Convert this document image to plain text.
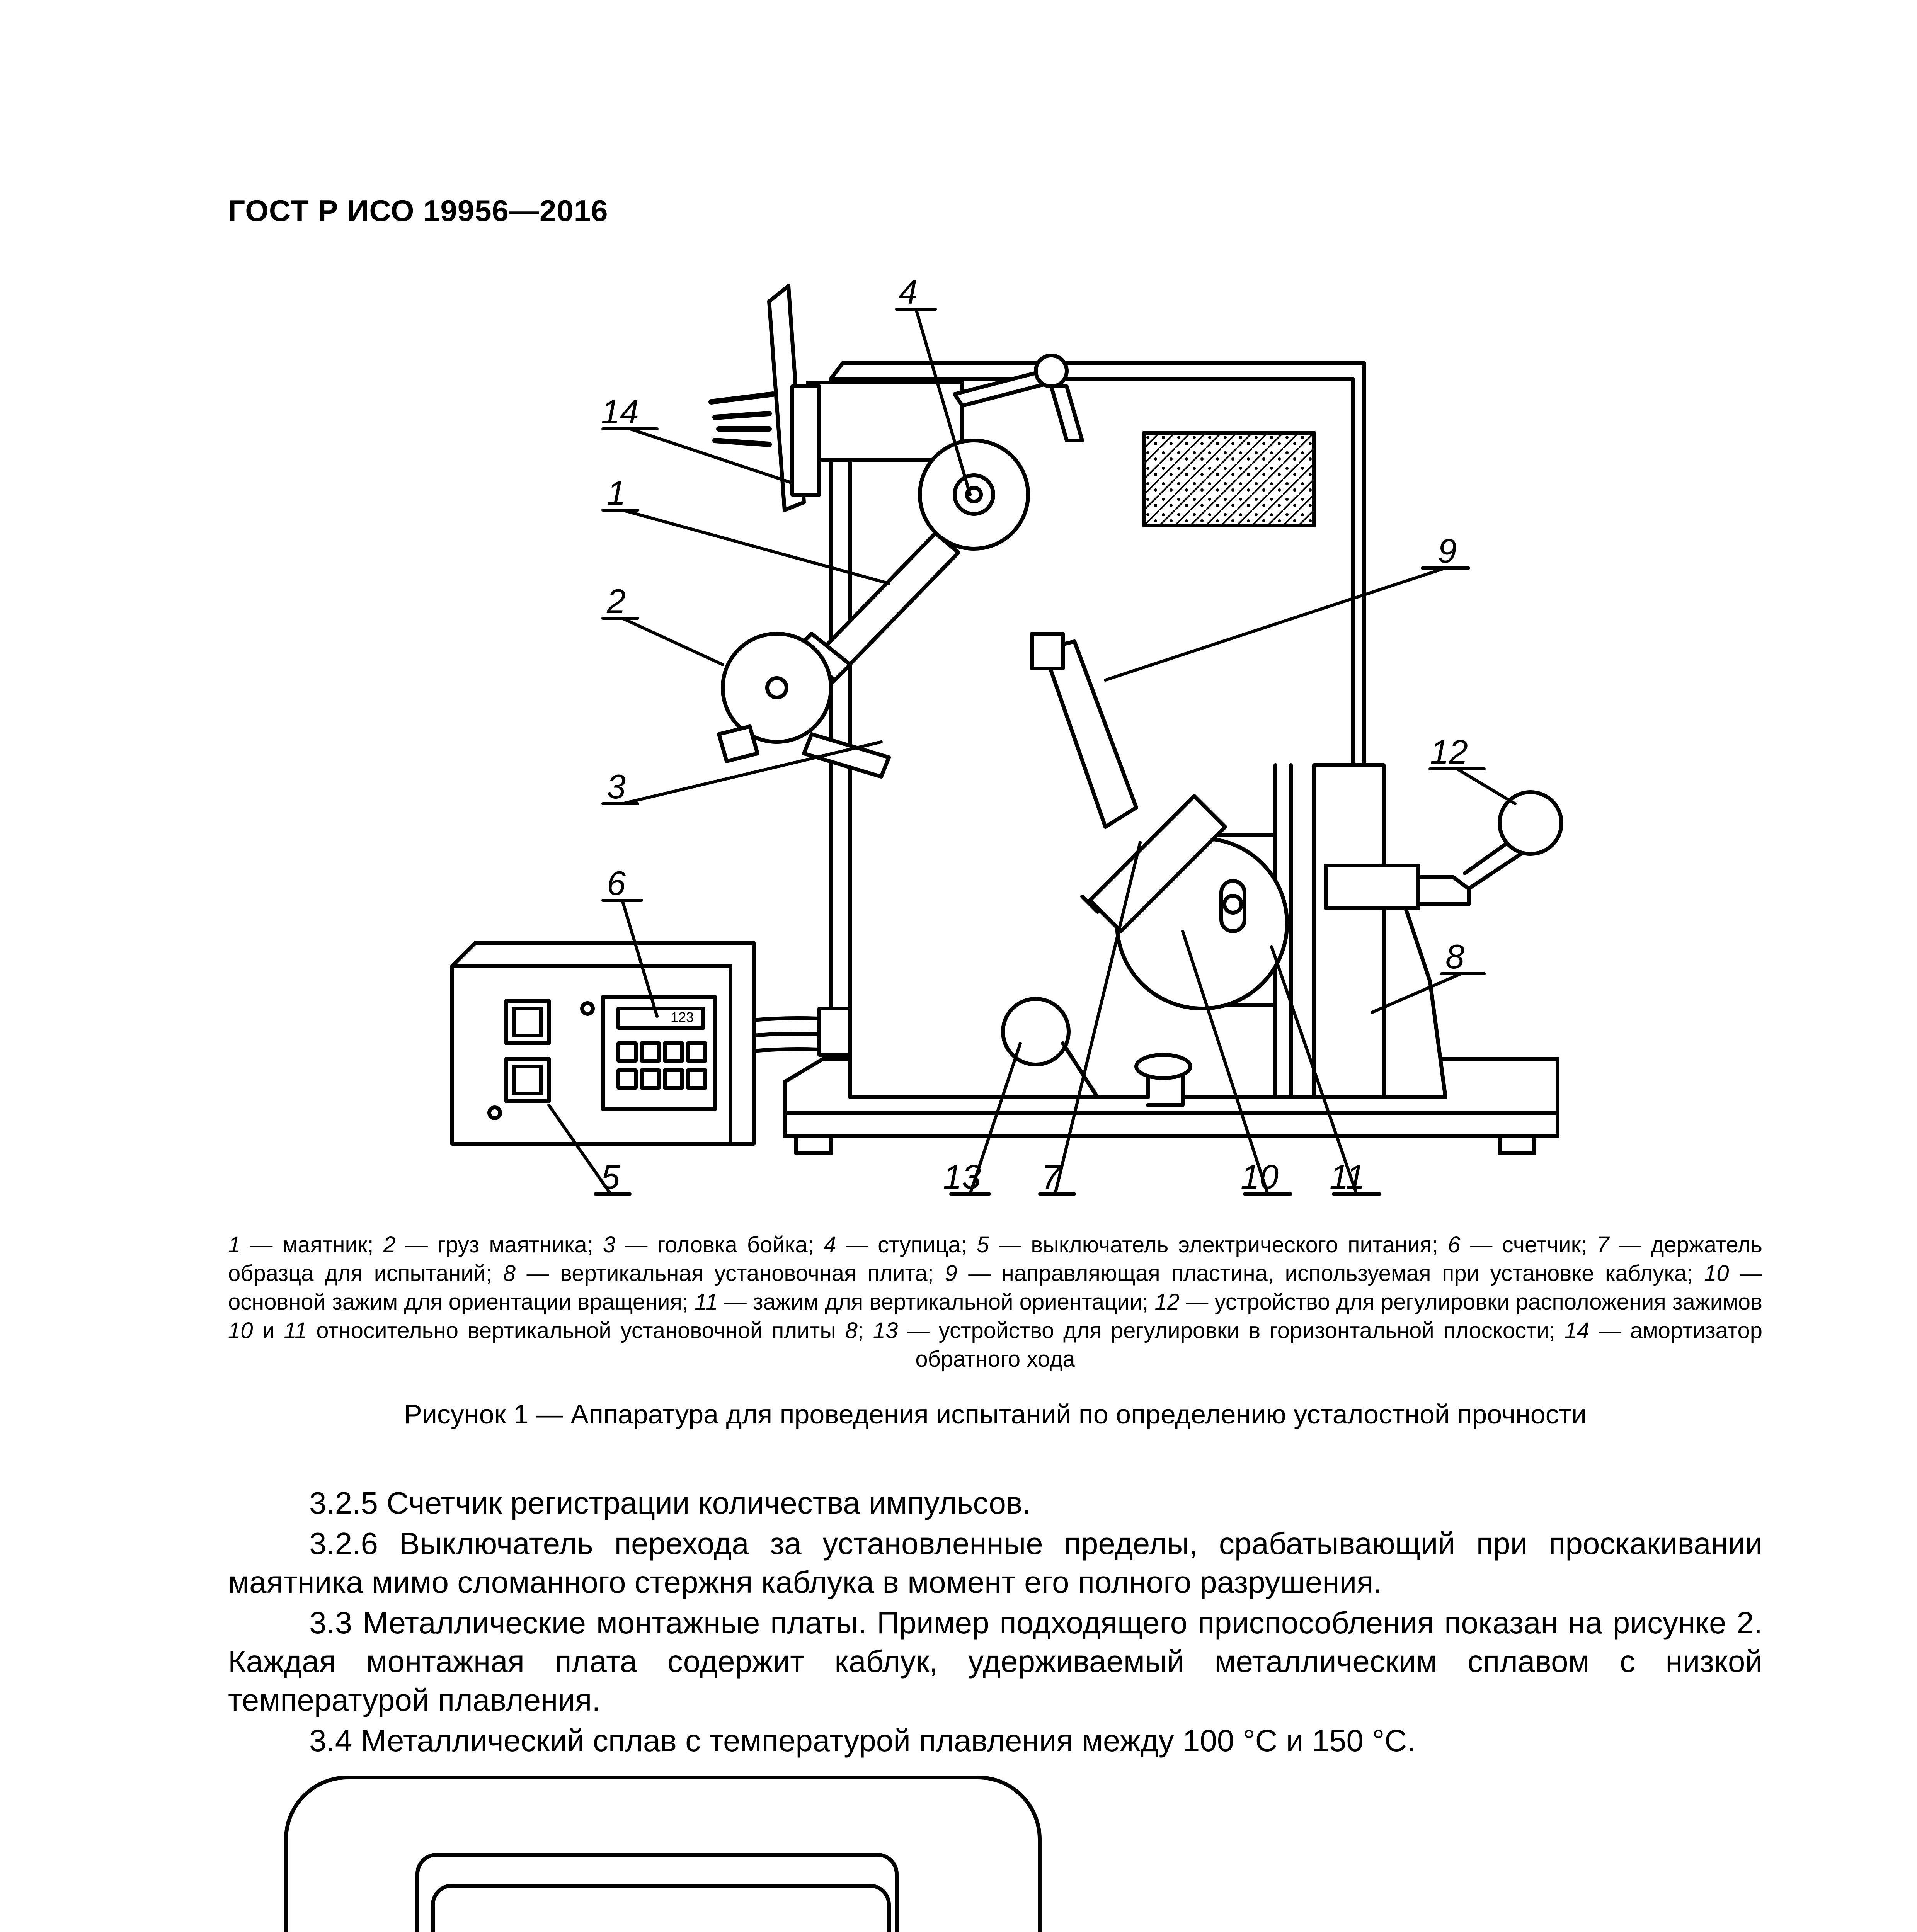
ГОСТ Р ИСО 19956—2016
4
14
1
2
3
9
12
6
8
5	13 7	10 11
123
1 — маятник; 2 — груз маятника; 3 — головка бойка; 4 — ступица; 5 — выключатель электрического питания; 6 — счетчик; 7 — держатель образца для испытаний; 8 — вертикальная установочная плита; 9 — направляющая пластина, используемая при установке каблука; 10 — основной зажим для ориентации вращения; 11 — зажим для вертикальной ориентации; 12 — устройство для регулировки расположения зажимов 10 и 11 относительно вертикальной установочной плиты 8; 13 — устройство для регулировки в горизонтальной плоскости; 14 — амортизатор обратного хода
Рисунок 1 — Аппаратура для проведения испытаний по определению усталостной прочности
3.2.5 Счетчик регистрации количества импульсов.
3.2.6 Выключатель перехода за установленные пределы, срабатывающий при проскакивании маятника мимо сломанного стержня каблука в момент его полного разрушения.
3.3 Металлические монтажные платы. Пример подходящего приспособления показан на рисунке 2. Каждая монтажная плата содержит каблук, удерживаемый металлическим сплавом с низкой температурой плавления.
3.4 Металлический сплав с температурой плавления между 100 °C и 150 °C.
